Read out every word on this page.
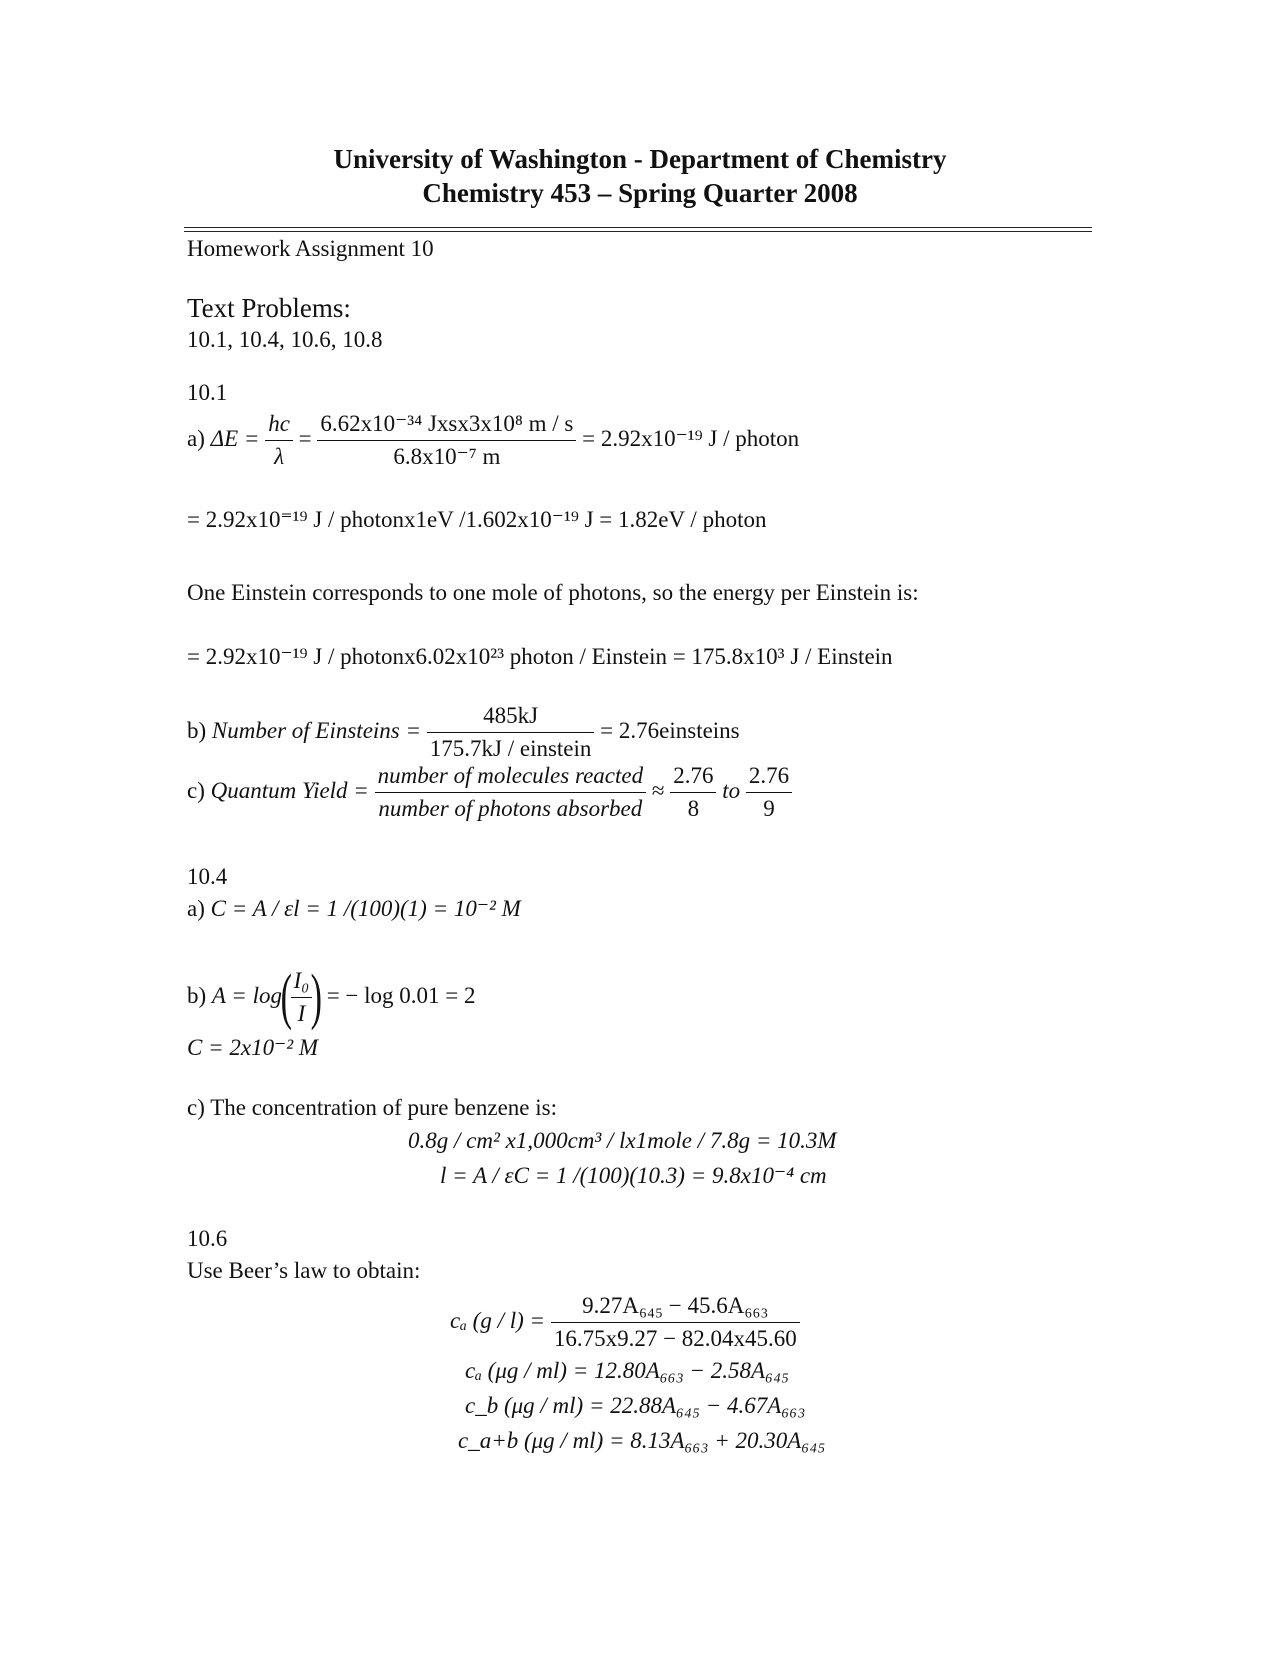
University of Washington - Department of Chemistry
Chemistry 453 – Spring Quarter 2008
Homework Assignment 10
Text Problems:
10.1, 10.4, 10.6, 10.8
10.1
a) $\Delta E = \frac{hc}{\lambda} = \frac{\text{6.62x10⁻³⁴ Jxsx3x10⁸ m / s}}{\text{6.8x10⁻⁷ m}} = 2.92x10^{-19}$ J / photon
= 2.92x10⁼¹⁹ J / photonx1eV /1.602x10⁻¹⁹ J = 1.82eV / photon
One Einstein corresponds to one mole of photons, so the energy per Einstein is:
= 2.92x10⁻¹⁹ J / photonx6.02x10²³ photon / Einstein = 175.8x10³ J / Einstein
b) Number of Einsteins = $\frac{485kJ}{\text{175.7kJ / einstein}}$ = 2.76einsteins
c) Quantum Yield = $\frac{\text{number of molecules reacted}}{\text{number of photons absorbed}} \approx \frac{2.76}{8}$ to $\frac{2.76}{9}$
10.4
a) C = A / εl = 1 /(100)(1) = 10⁻² M
b) A = log(
$\frac{\text{I₀}}{I}$
) = − log 0.01 = 2
C = 2x10⁻² M
c) The concentration of pure benzene is:
0.8g / cm² x1,000cm³ / lx1mole / 7.8g = 10.3M
l = A / εC = 1 /(100)(10.3) = 9.8x10⁻⁴ cm
10.6
Use Beer’s law to obtain:
cₐ $(g / l) = \frac{\text{9.27A₆₄₅ − 45.6A₆₆₃}}{16.75x9.27 - 82.04x45.60}$
cₐ (μg / ml) = 12.80A₆₆₃ − 2.58A₆₄₅
c_b (μg / ml) = 22.88A₆₄₅ − 4.67A₆₆₃
c_a+b (μg / ml) = 8.13A₆₆₃ + 20.30A₆₄₅
